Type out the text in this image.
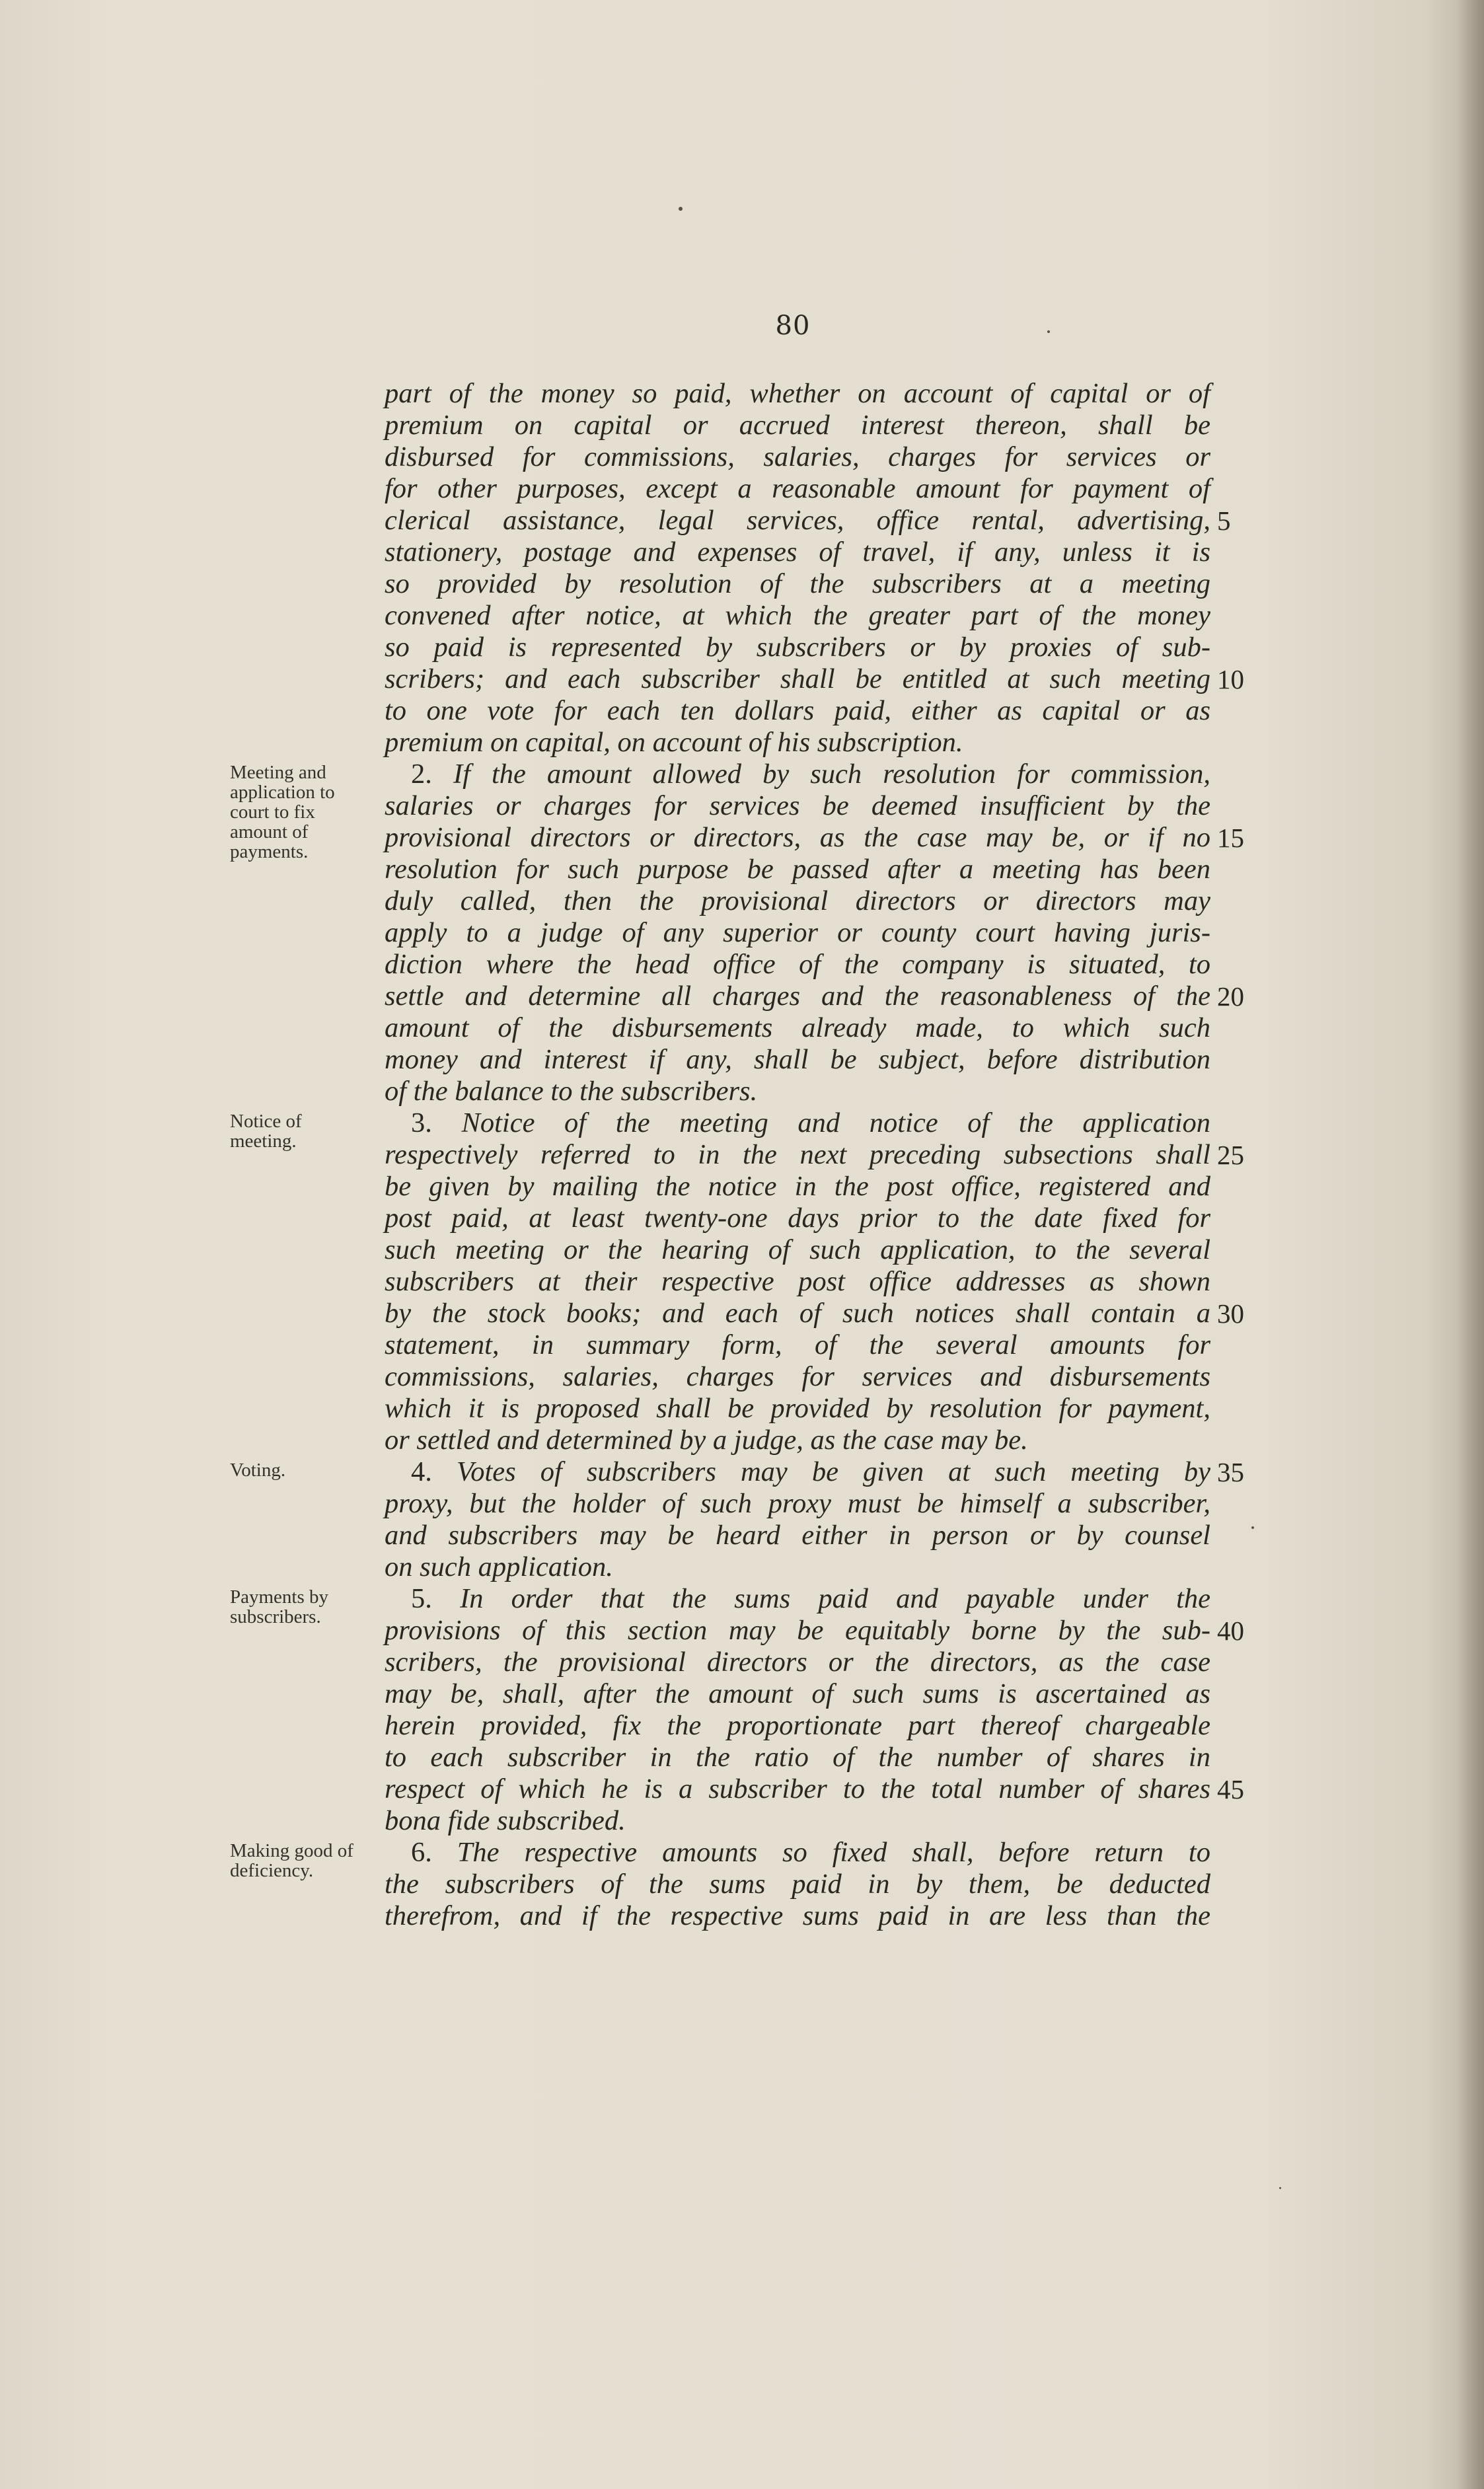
80
part of the money so paid, whether on account of capital or of
premium on capital or accrued interest thereon, shall be
disbursed for commissions, salaries, charges for services or
for other purposes, except a reasonable amount for payment of
clerical assistance, legal services, office rental, advertising,
stationery, postage and expenses of travel, if any, unless it is
so provided by resolution of the subscribers at a meeting
convened after notice, at which the greater part of the money
so paid is represented by subscribers or by proxies of sub-
scribers; and each subscriber shall be entitled at such meeting
to one vote for each ten dollars paid, either as capital or as
premium on capital, on account of his subscription.
2. If the amount allowed by such resolution for commission,
salaries or charges for services be deemed insufficient by the
provisional directors or directors, as the case may be, or if no
resolution for such purpose be passed after a meeting has been
duly called, then the provisional directors or directors may
apply to a judge of any superior or county court having juris-
diction where the head office of the company is situated, to
settle and determine all charges and the reasonableness of the
amount of the disbursements already made, to which such
money and interest if any, shall be subject, before distribution
of the balance to the subscribers.
3. Notice of the meeting and notice of the application
respectively referred to in the next preceding subsections shall
be given by mailing the notice in the post office, registered and
post paid, at least twenty-one days prior to the date fixed for
such meeting or the hearing of such application, to the several
subscribers at their respective post office addresses as shown
by the stock books; and each of such notices shall contain a
statement, in summary form, of the several amounts for
commissions, salaries, charges for services and disbursements
which it is proposed shall be provided by resolution for payment,
or settled and determined by a judge, as the case may be.
4. Votes of subscribers may be given at such meeting by
proxy, but the holder of such proxy must be himself a subscriber,
and subscribers may be heard either in person or by counsel
on such application.
5. In order that the sums paid and payable under the
provisions of this section may be equitably borne by the sub-
scribers, the provisional directors or the directors, as the case
may be, shall, after the amount of such sums is ascertained as
herein provided, fix the proportionate part thereof chargeable
to each subscriber in the ratio of the number of shares in
respect of which he is a subscriber to the total number of shares
bona fide subscribed.
6. The respective amounts so fixed shall, before return to
the subscribers of the sums paid in by them, be deducted
therefrom, and if the respective sums paid in are less than the
5
10
15
20
25
30
35
40
45
Meeting and application to court to fix amount of payments.
Notice of meeting.
Voting.
Payments by subscribers.
Making good of deficiency.
